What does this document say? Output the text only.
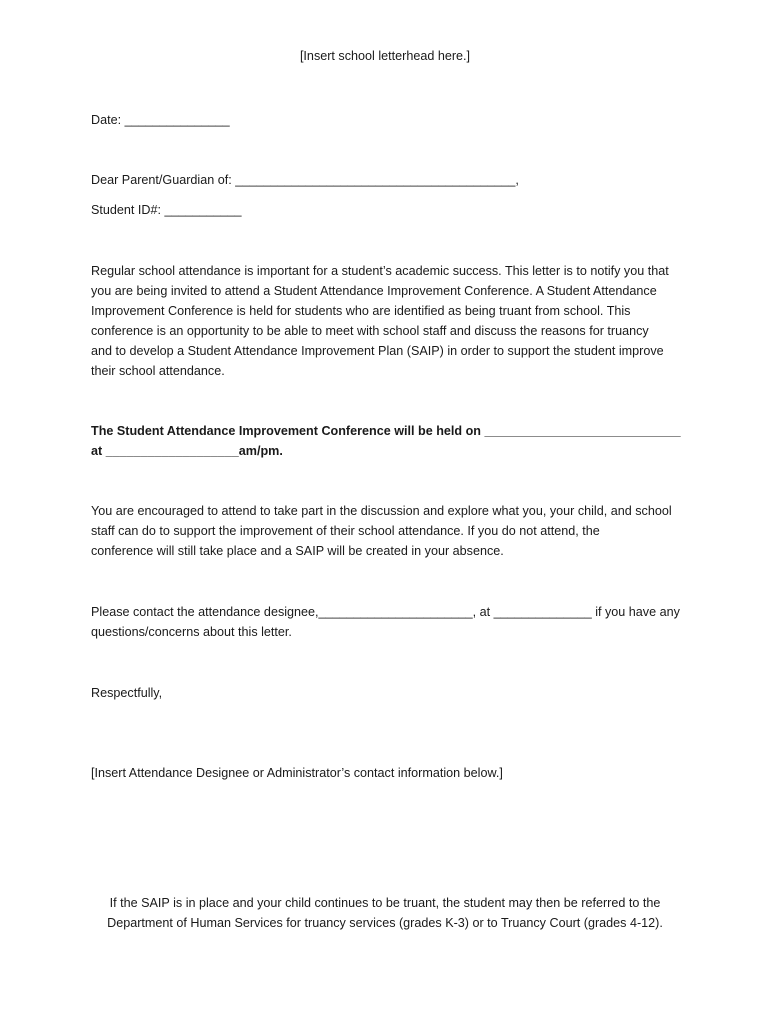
[Insert school letterhead here.]
Date: _______________
Dear Parent/Guardian of: ________________________________________,
Student ID#: ___________
Regular school attendance is important for a student’s academic success. This letter is to notify you that
you are being invited to attend a Student Attendance Improvement Conference. A Student Attendance
Improvement Conference is held for students who are identified as being truant from school. This
conference is an opportunity to be able to meet with school staff and discuss the reasons for truancy
and to develop a Student Attendance Improvement Plan (SAIP) in order to support the student improve
their school attendance.
The Student Attendance Improvement Conference will be held on ____________________________
at ___________________am/pm.
You are encouraged to attend to take part in the discussion and explore what you, your child, and school
staff can do to support the improvement of their school attendance. If you do not attend, the
conference will still take place and a SAIP will be created in your absence.
Please contact the attendance designee,______________________, at ______________ if you have any
questions/concerns about this letter.
Respectfully,
[Insert Attendance Designee or Administrator’s contact information below.]
If the SAIP is in place and your child continues to be truant, the student may then be referred to the
Department of Human Services for truancy services (grades K-3) or to Truancy Court (grades 4-12).
